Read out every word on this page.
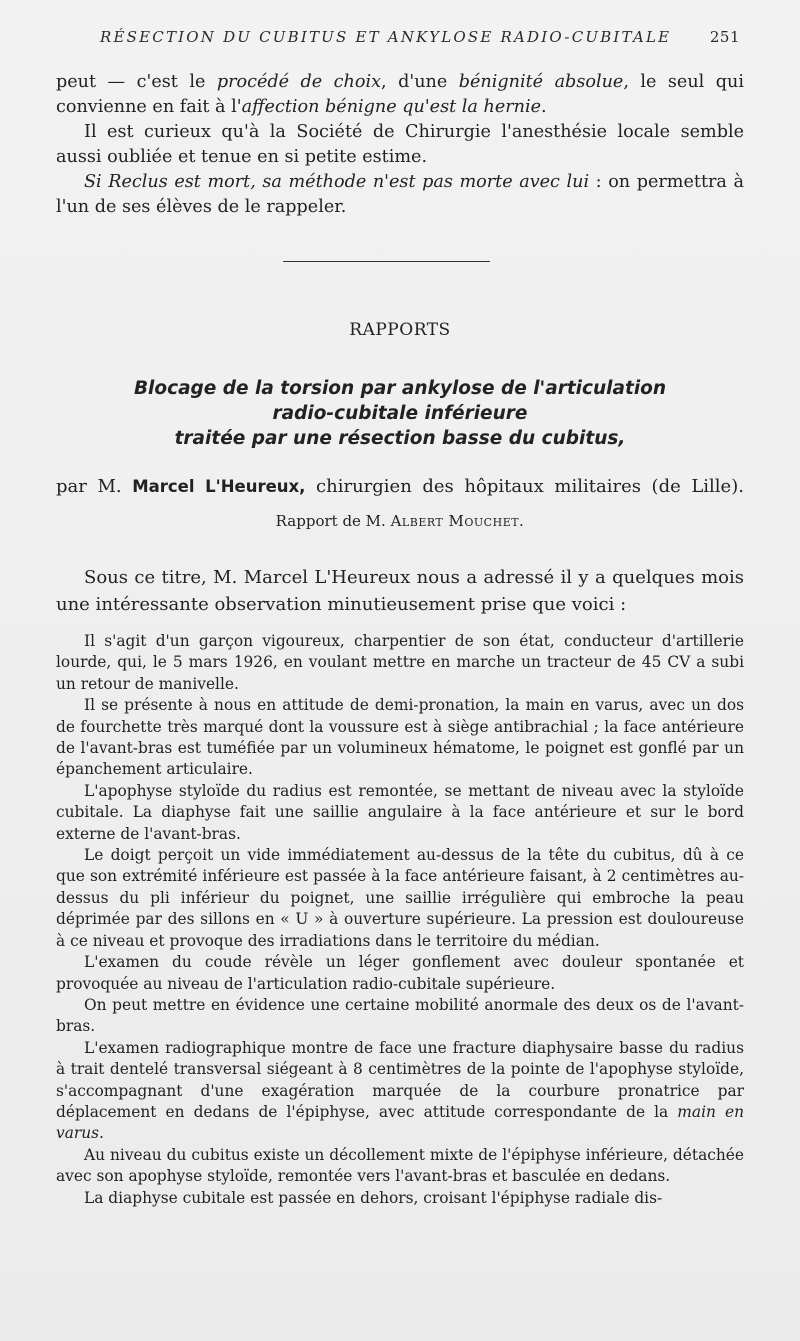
RÉSECTION DU CUBITUS ET ANKYLOSE RADIO-CUBITALE	251

peut — c'est le procédé de choix, d'une bénignité absolue, le seul qui convienne en fait à l'affection bénigne qu'est la hernie.

Il est curieux qu'à la Société de Chirurgie l'anesthésie locale semble aussi oubliée et tenue en si petite estime.

Si Reclus est mort, sa méthode n'est pas morte avec lui : on permettra à l'un de ses élèves de le rappeler.

RAPPORTS
Blocage de la torsion par ankylose de l'articulation
radio-cubitale inférieure
traitée par une résection basse du cubitus,
par M. Marcel L'Heureux, chirurgien des hôpitaux militaires (de Lille).
Rapport de M. Albert Mouchet.

Sous ce titre, M. Marcel L'Heureux nous a adressé il y a quelques mois une intéressante observation minutieusement prise que voici :

Il s'agit d'un garçon vigoureux, charpentier de son état, conducteur d'artillerie lourde, qui, le 5 mars 1926, en voulant mettre en marche un tracteur de 45 CV a subi un retour de manivelle.

Il se présente à nous en attitude de demi-pronation, la main en varus, avec un dos de fourchette très marqué dont la voussure est à siège antibrachial ; la face antérieure de l'avant-bras est tuméfiée par un volumineux hématome, le poignet est gonflé par un épanchement articulaire.

L'apophyse styloïde du radius est remontée, se mettant de niveau avec la styloïde cubitale. La diaphyse fait une saillie angulaire à la face antérieure et sur le bord externe de l'avant-bras.

Le doigt perçoit un vide immédiatement au-dessus de la tête du cubitus, dû à ce que son extrémité inférieure est passée à la face antérieure faisant, à 2 centimètres au-dessus du pli inférieur du poignet, une saillie irrégulière qui embroche la peau déprimée par des sillons en « U » à ouverture supérieure. La pression est douloureuse à ce niveau et provoque des irradiations dans le territoire du médian.

L'examen du coude révèle un léger gonflement avec douleur spontanée et provoquée au niveau de l'articulation radio-cubitale supérieure.

On peut mettre en évidence une certaine mobilité anormale des deux os de l'avant-bras.

L'examen radiographique montre de face une fracture diaphysaire basse du radius à trait dentelé transversal siégeant à 8 centimètres de la pointe de l'apophyse styloïde, s'accompagnant d'une exagération marquée de la courbure pronatrice par déplacement en dedans de l'épiphyse, avec attitude correspondante de la main en varus.

Au niveau du cubitus existe un décollement mixte de l'épiphyse inférieure, détachée avec son apophyse styloïde, remontée vers l'avant-bras et basculée en dedans.

La diaphyse cubitale est passée en dehors, croisant l'épiphyse radiale dis-
